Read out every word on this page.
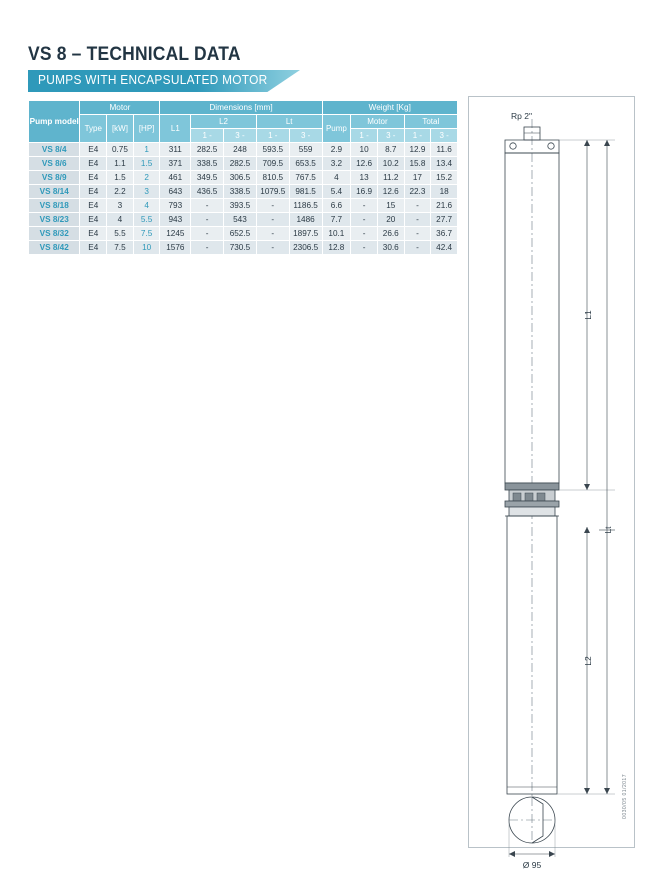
VS 8 – TECHNICAL DATA
PUMPS WITH ENCAPSULATED MOTOR
Pump model	Motor			Dimensions [mm]					Weight [Kg]				
	Type	[kW]	[HP]	L1	L2		Lt		Pump	Motor		Total	
					1 -	3 -	1 -	3 -		1 -	3 -	1 -	3 -
VS 8/4	E4	0.75	1	311	282.5	248	593.5	559	2.9	10	8.7	12.9	11.6
VS 8/6	E4	1.1	1.5	371	338.5	282.5	709.5	653.5	3.2	12.6	10.2	15.8	13.4
VS 8/9	E4	1.5	2	461	349.5	306.5	810.5	767.5	4	13	11.2	17	15.2
VS 8/14	E4	2.2	3	643	436.5	338.5	1079.5	981.5	5.4	16.9	12.6	22.3	18
VS 8/18	E4	3	4	793	-	393.5	-	1186.5	6.6	-	15	-	21.6
VS 8/23	E4	4	5.5	943	-	543	-	1486	7.7	-	20	-	27.7
VS 8/32	E4	5.5	7.5	1245	-	652.5	-	1897.5	10.1	-	26.6	-	36.7
VS 8/42	E4	7.5	10	1576	-	730.5	-	2306.5	12.8	-	30.6	-	42.4
Rp 2"
L1
Lt
L2
Ø 95
0030/05 01/2017
